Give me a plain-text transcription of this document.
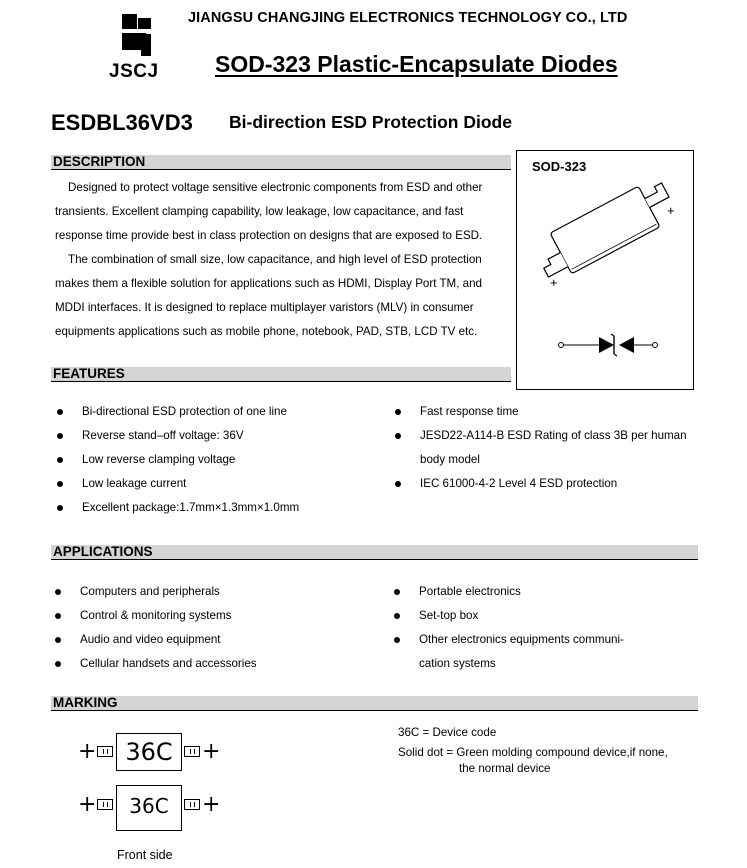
JIANGSU CHANGJING ELECTRONICS TECHNOLOGY CO., LTD
JSCJ SOD-323 Plastic-Encapsulate Diodes
ESDBL36VD3 Bi-direction ESD Protection Diode
DESCRIPTION

Designed to protect voltage sensitive electronic components from ESD and other

transients. Excellent clamping capability, low leakage, low capacitance, and fast

response time provide best in class protection on designs that are exposed to ESD.

The combination of small size, low capacitance, and high level of ESD protection

makes them a flexible solution for applications such as HDMI, Display Port TM, and

MDDI interfaces. It is designed to replace multiplayer varistors (MLV) in consumer

equipments applications such as mobile phone, notebook, PAD, STB, LCD TV etc.

SOD-323
+
+
FEATURES
Bi-directional ESD protection of one line
Reverse stand–off voltage: 36V
Low reverse clamping voltage
Low leakage current
Excellent package:1.7mm×1.3mm×1.0mm
Fast response time
JESD22-A114-B ESD Rating of class 3B per human
body model
IEC 61000-4-2 Level 4 ESD protection
APPLICATIONS
Computers and peripherals
Control & monitoring systems
Audio and video equipment
Cellular handsets and accessories
Portable electronics
Set-top box
Other electronics equipments communi-
cation systems
MARKING
+	36C	+
+	36C	+
Front side
36C = Device code
Solid dot = Green molding compound device,if none,
the normal device
